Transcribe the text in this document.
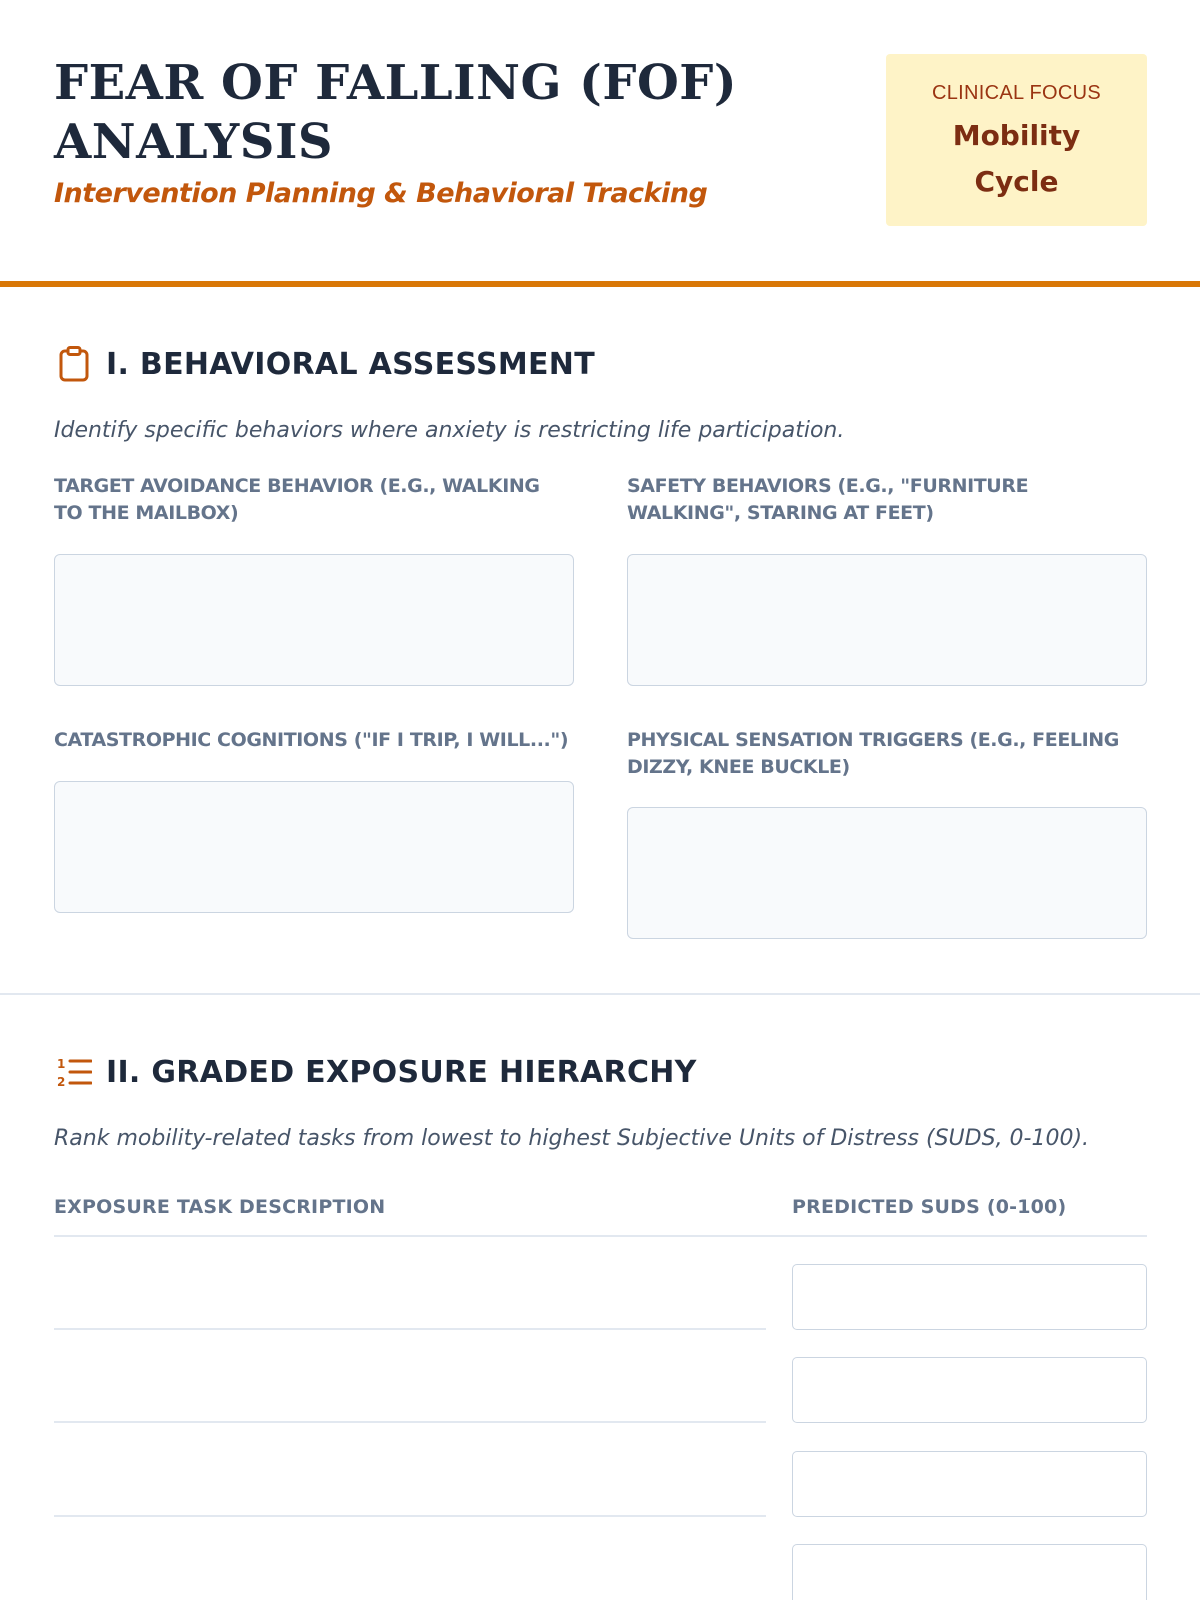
FEAR OF FALLING (FOF) ANALYSIS
Intervention Planning & Behavioral Tracking
CLINICAL FOCUS
Mobility Cycle
I. BEHAVIORAL ASSESSMENT
Identify specific behaviors where anxiety is restricting life participation.
TARGET AVOIDANCE BEHAVIOR (E.G., WALKING TO THE MAILBOX)
SAFETY BEHAVIORS (E.G., "FURNITURE WALKING", STARING AT FEET)
CATASTROPHIC COGNITIONS ("IF I TRIP, I WILL...")	PHYSICAL SENSATION TRIGGERS (E.G., FEELING DIZZY, KNEE BUCKLE)
1
2 II. GRADED EXPOSURE HIERARCHY
Rank mobility-related tasks from lowest to highest Subjective Units of Distress (SUDS, 0-100).
EXPOSURE TASK DESCRIPTION	PREDICTED SUDS (0-100)
